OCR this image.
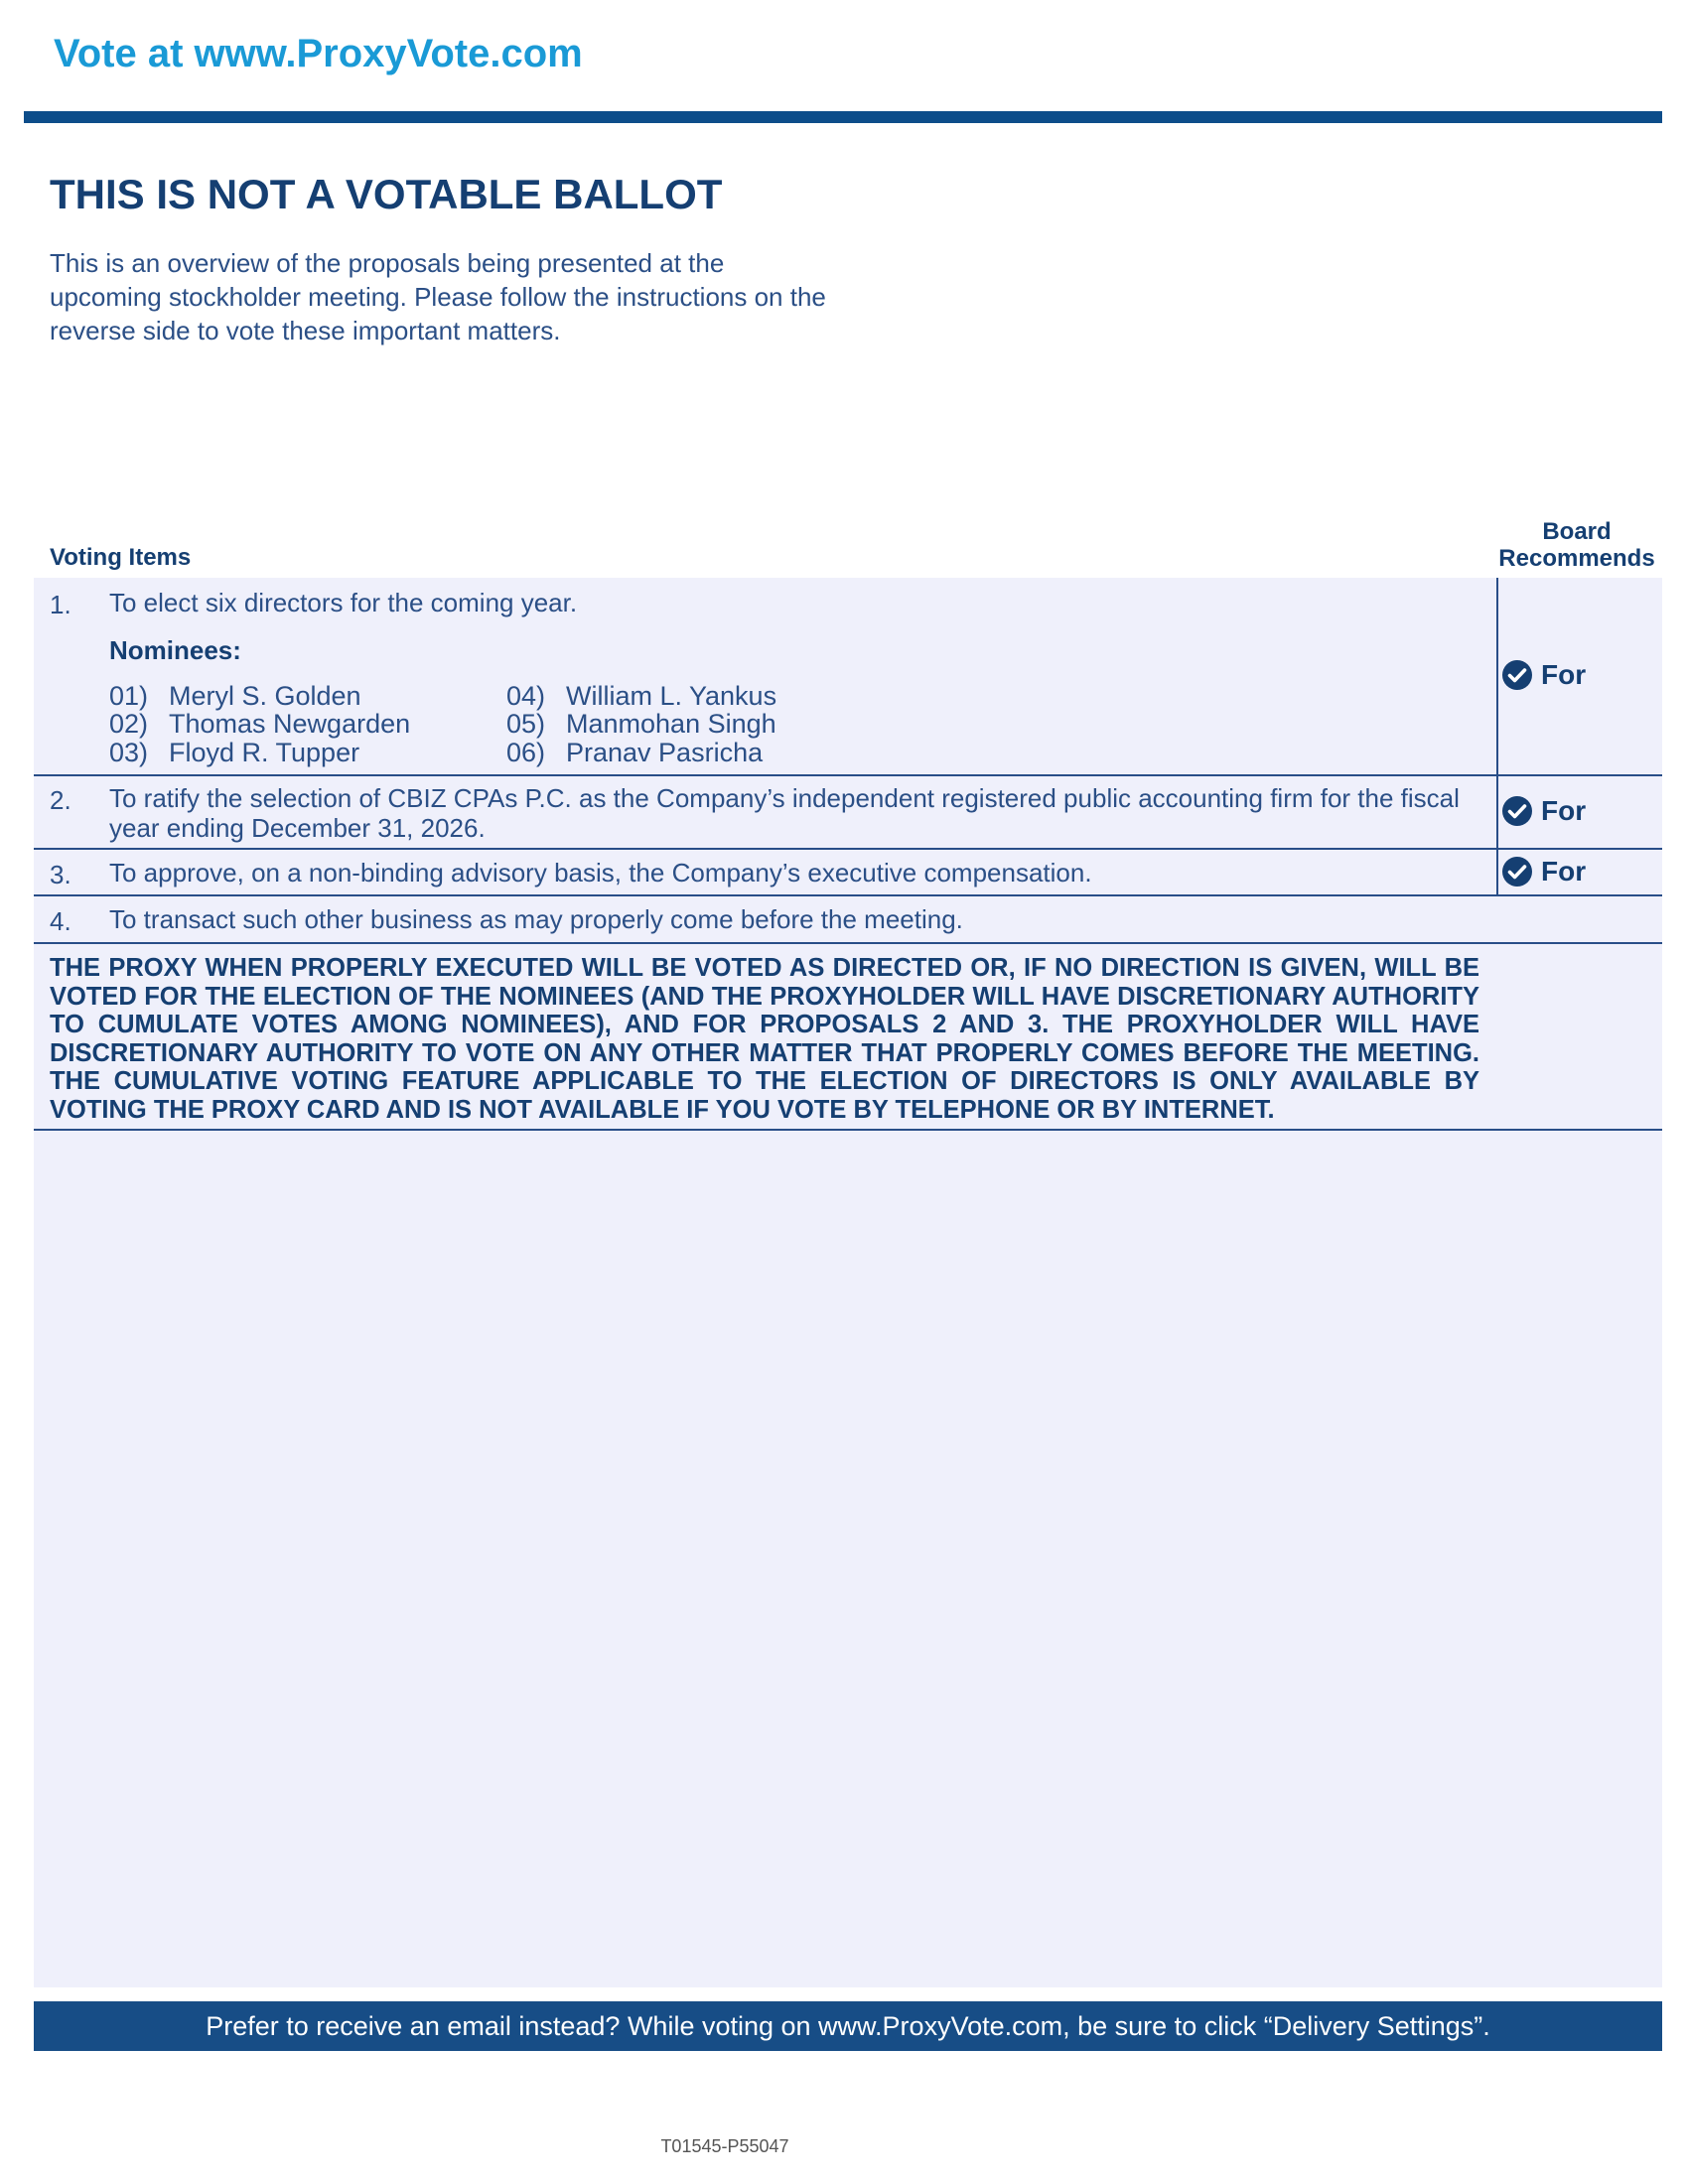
Vote at www.ProxyVote.com
THIS IS NOT A VOTABLE BALLOT
This is an overview of the proposals being presented at the upcoming stockholder meeting. Please follow the instructions on the reverse side to vote these important matters.
Voting Items
Board
Recommends
1. To elect six directors for the coming year.
Nominees:
01) Meryl S. Golden
02) Thomas Newgarden
03) Floyd R. Tupper
04) William L. Yankus
05) Manmohan Singh
06) Pranav Pasricha
For
2. To ratify the selection of CBIZ CPAs P.C. as the Company’s independent registered public accounting firm for the fiscal year ending December 31, 2026.
For
3. To approve, on a non-binding advisory basis, the Company’s executive compensation.	For
4. To transact such other business as may properly come before the meeting.
THE PROXY WHEN PROPERLY EXECUTED WILL BE VOTED AS DIRECTED OR, IF NO DIRECTION IS GIVEN, WILL BE VOTED FOR THE ELECTION OF THE NOMINEES (AND THE PROXYHOLDER WILL HAVE DISCRETIONARY AUTHORITY TO CUMULATE VOTES AMONG NOMINEES), AND FOR PROPOSALS 2 AND 3. THE PROXYHOLDER WILL HAVE DISCRETIONARY AUTHORITY TO VOTE ON ANY OTHER MATTER THAT PROPERLY COMES BEFORE THE MEETING. THE CUMULATIVE VOTING FEATURE APPLICABLE TO THE ELECTION OF DIRECTORS IS ONLY AVAILABLE BY VOTING THE PROXY CARD AND IS NOT AVAILABLE IF YOU VOTE BY TELEPHONE OR BY INTERNET.
Prefer to receive an email instead? While voting on www.ProxyVote.com, be sure to click “Delivery Settings”.
T01545-P55047
